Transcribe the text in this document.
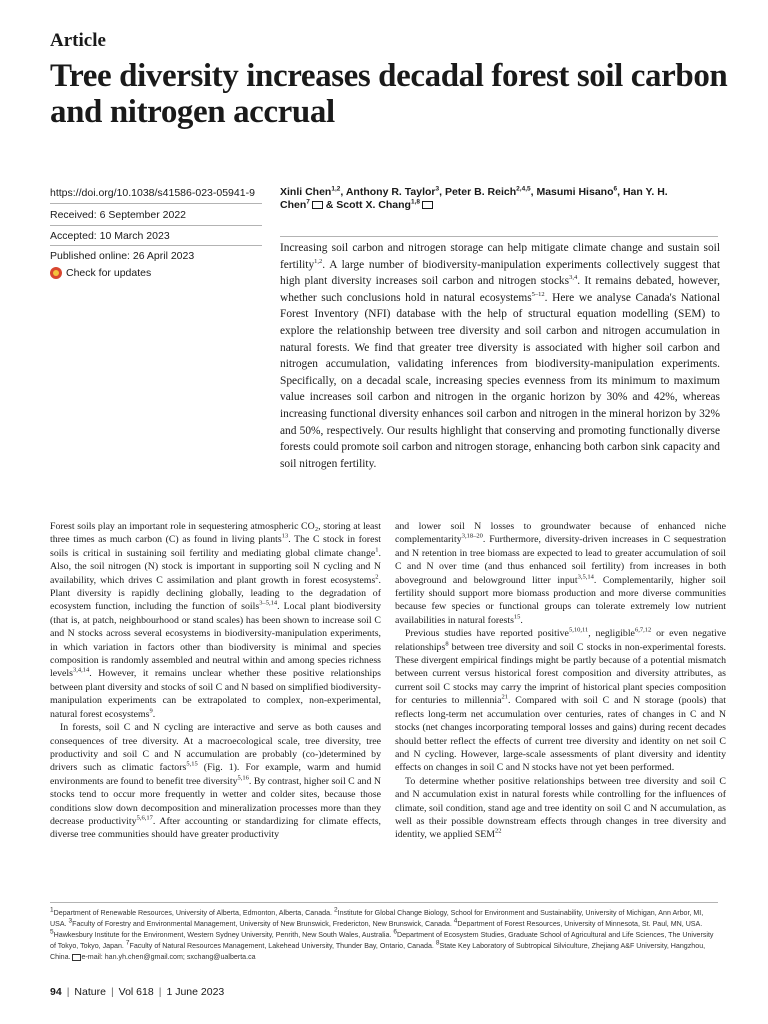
Article
Tree diversity increases decadal forest soil carbon and nitrogen accrual
https://doi.org/10.1038/s41586-023-05941-9
Received: 6 September 2022
Accepted: 10 March 2023
Published online: 26 April 2023
Check for updates
Xinli Chen$^{1,2}$, Anthony R. Taylor$^3$, Peter B. Reich$^{2,4,5}$, Masumi Hisano$^6$, Han Y. H. Chen$^7$ & Scott X. Chang$^{1,8}$

Increasing soil carbon and nitrogen storage can help mitigate climate change and sustain soil fertility$^{1,2}$. A large number of biodiversity-manipulation experiments collectively suggest that high plant diversity increases soil carbon and nitrogen stocks$^{3,4}$. It remains debated, however, whether such conclusions hold in natural ecosystems$^{5-12}$. Here we analyse Canada's National Forest Inventory (NFI) database with the help of structural equation modelling (SEM) to explore the relationship between tree diversity and soil carbon and nitrogen accumulation in natural forests. We find that greater tree diversity is associated with higher soil carbon and nitrogen accumulation, validating inferences from biodiversity-manipulation experiments. Specifically, on a decadal scale, increasing species evenness from its minimum to maximum value increases soil carbon and nitrogen in the organic horizon by 30% and 42%, whereas increasing functional diversity enhances soil carbon and nitrogen in the mineral horizon by 32% and 50%, respectively. Our results highlight that conserving and promoting functionally diverse forests could promote soil carbon and nitrogen storage, enhancing both carbon sink capacity and soil nitrogen fertility.

Forest soils play an important role in sequestering atmospheric CO₂, storing at least three times as much carbon (C) as found in living plants$^{13}$. The C stock in forest soils is critical in sustaining soil fertility and mediating global climate change$^1$. Also, the soil nitrogen (N) stock is important in supporting soil N cycling and N availability, which drives C assimilation and plant growth in forest ecosystems$^2$. Plant diversity is rapidly declining globally, leading to the degradation of ecosystem function, including the function of soils$^{3-5,14}$. Local plant biodiversity (that is, at patch, neighbourhood or stand scales) has been shown to increase soil C and N stocks across several ecosystems in biodiversity-manipulation experiments, in which variation in factors other than biodiversity is minimal and species composition is randomly assembled and neutral within and among species richness levels$^{3,4,14}$. However, it remains unclear whether these positive relationships between plant diversity and stocks of soil C and N based on simplified biodiversity-manipulation experiments can be extrapolated to complex, non-experimental, natural forest ecosystems$^9$.

In forests, soil C and N cycling are interactive and serve as both causes and consequences of tree diversity. At a macroecological scale, tree diversity, tree productivity and soil C and N accumulation are probably (co-)determined by drivers such as climatic factors$^{5,15}$ (Fig. 1). For example, warm and humid environments are found to benefit tree diversity$^{5,16}$. By contrast, higher soil C and N stocks tend to occur more frequently in wetter and colder sites, because those conditions slow down decomposition and mineralization processes more than they decrease productivity$^{5,6,17}$. After accounting or standardizing for climate effects, diverse tree communities should have greater productivity

and lower soil N losses to groundwater because of enhanced niche complementarity$^{3,18-20}$. Furthermore, diversity-driven increases in C sequestration and N retention in tree biomass are expected to lead to greater accumulation of soil C and N over time (and thus enhanced soil fertility) from increases in both aboveground and belowground litter input$^{3,5,14}$. Complementarily, higher soil fertility should support more biomass production and more diverse communities because few species or functional groups can tolerate extremely low nutrient availabilities in natural forests$^{15}$.

Previous studies have reported positive$^{5,10,11}$, negligible$^{6,7,12}$ or even negative relationships$^8$ between tree diversity and soil C stocks in non-experimental forests. These divergent empirical findings might be partly because of a potential mismatch between current versus historical forest composition and diversity attributes, as current soil C stocks may carry the imprint of historical plant species composition for centuries to millennia$^{21}$. Compared with soil C and N storage (pools) that reflects long-term net accumulation over centuries, rates of changes in C and N stocks (net changes incorporating temporal losses and gains) during recent decades should better reflect the effects of current tree diversity and identity on net soil C and N cycling. However, large-scale assessments of plant diversity and identity effects on changes in soil C and N stocks have not yet been performed.

To determine whether positive relationships between tree diversity and soil C and N accumulation exist in natural forests while controlling for the influences of climate, soil condition, stand age and tree identity on soil C and N accumulation, as well as their possible downstream effects through changes in tree diversity and identity, we applied SEM$^{22}$

$^1$Department of Renewable Resources, University of Alberta, Edmonton, Alberta, Canada. $^2$Institute for Global Change Biology, School for Environment and Sustainability, University of Michigan, Ann Arbor, MI, USA. $^3$Faculty of Forestry and Environmental Management, University of New Brunswick, Fredericton, New Brunswick, Canada. $^4$Department of Forest Resources, University of Minnesota, St. Paul, MN, USA. $^5$Hawkesbury Institute for the Environment, Western Sydney University, Penrith, New South Wales, Australia. $^6$Department of Ecosystem Studies, Graduate School of Agricultural and Life Sciences, The University of Tokyo, Tokyo, Japan. $^7$Faculty of Natural Resources Management, Lakehead University, Thunder Bay, Ontario, Canada. $^8$State Key Laboratory of Subtropical Silviculture, Zhejiang A&F University, Hangzhou, China. e-mail: han.yh.chen@gmail.com; sxchang@ualberta.ca
94 | Nature | Vol 618 | 1 June 2023
